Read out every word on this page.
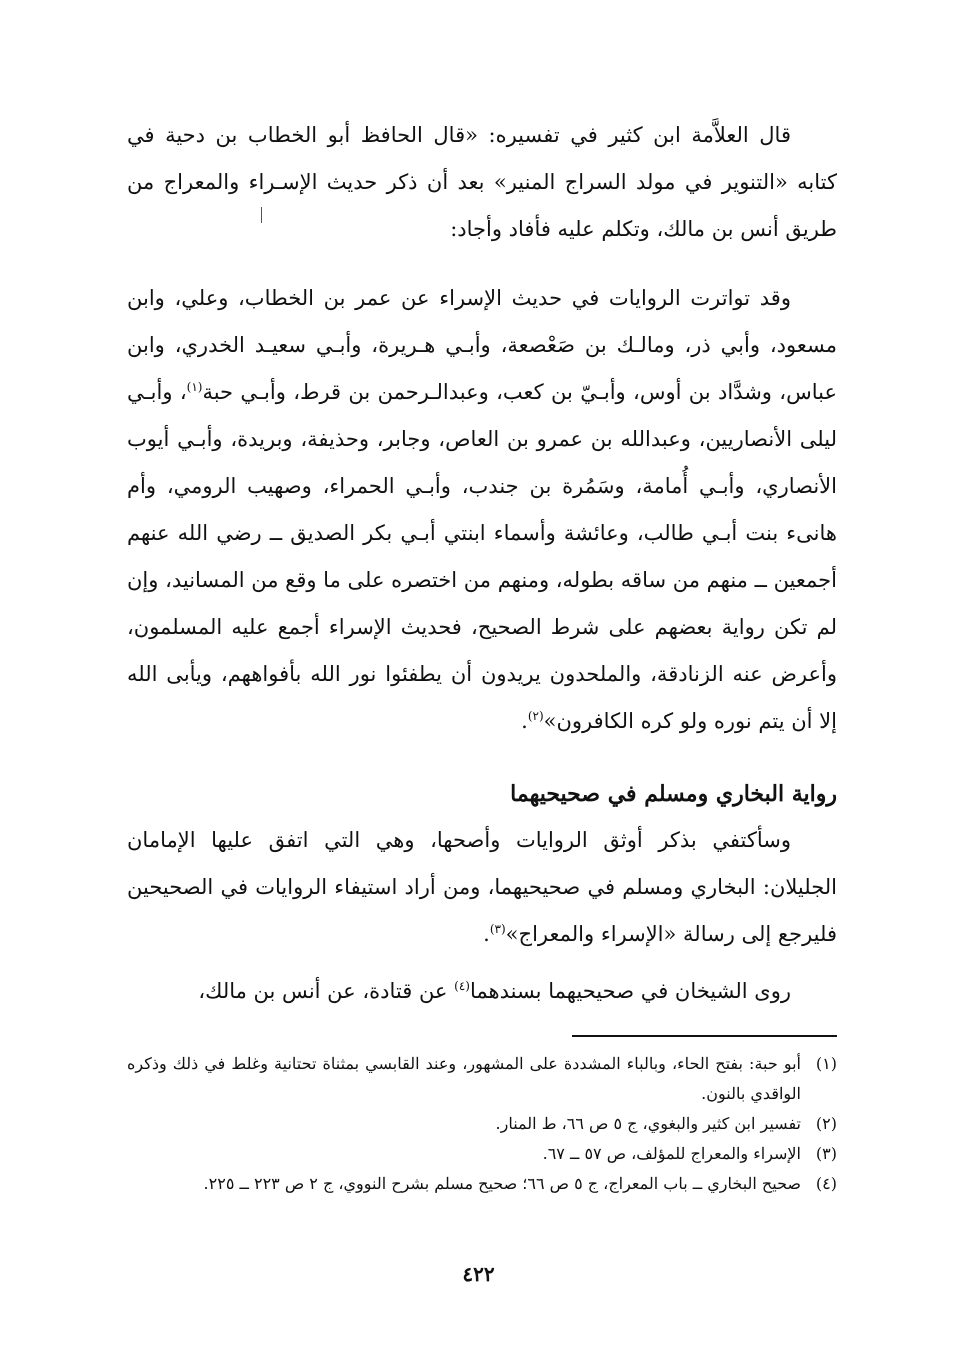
قال العلاَّمة ابن كثير في تفسيره: «قال الحافظ أبو الخطاب بن دحية في كتابه «التنوير في مولد السراج المنير» بعد أن ذكر حديث الإسـراء والمعراج من طريق أنس بن مالك، وتكلم عليه فأفاد وأجاد:

وقد تواترت الروايات في حديث الإسراء عن عمر بن الخطاب، وعلي، وابن مسعود، وأبي ذر، ومالـك بن صَعْصعة، وأبـي هـريرة، وأبـي سعيـد الخدري، وابن عباس، وشدَّاد بن أوس، وأبـيّ بن كعب، وعبدالـرحمن بن قرط، وأبـي حبة$^{(١)}$، وأبـي ليلى الأنصاريين، وعبدالله بن عمرو بن العاص، وجابر، وحذيفة، وبريدة، وأبـي أيوب الأنصاري، وأبـي أُمامة، وسَمُرة بن جندب، وأبـي الحمراء، وصهيب الرومي، وأم هانىء بنت أبـي طالب، وعائشة وأسماء ابنتي أبـي بكر الصديق ــ رضي الله عنهم أجمعين ــ منهم من ساقه بطوله، ومنهم من اختصره على ما وقع من المسانيد، وإن لم تكن رواية بعضهم على شرط الصحيح، فحديث الإسراء أجمع عليه المسلمون، وأعرض عنه الزنادقة، والملحدون يريدون أن يطفئوا نور الله بأفواههم، ويأبى الله إلا أن يتم نوره ولو كره الكافرون»$^{(٢)}$.

رواية البخاري ومسلم في صحيحيهما

وسأكتفي بذكر أوثق الروايات وأصحها، وهي التي اتفق عليها الإمامان الجليلان: البخاري ومسلم في صحيحيهما، ومن أراد استيفاء الروايات في الصحيحين فليرجع إلى رسالة «الإسراء والمعراج»$^{(٣)}$.

روى الشيخان في صحيحيهما بسندهما$^{(٤)}$ عن قتادة، عن أنس بن مالك،

(١)
أبو حبة: بفتح الحاء، وبالباء المشددة على المشهور، وعند القابسي بمثناة تحتانية وغلط في ذلك وذكره الواقدي بالنون.
(٢)
تفسير ابن كثير والبغوي، ج ٥ ص ٦٦، ط المنار.
(٣)
الإسراء والمعراج للمؤلف، ص ٥٧ ــ ٦٧.
(٤)
صحيح البخاري ــ باب المعراج، ج ٥ ص ٦٦؛ صحيح مسلم بشرح النووي، ج ٢ ص ٢٢٣ ــ ٢٢٥.
٤٢٢
